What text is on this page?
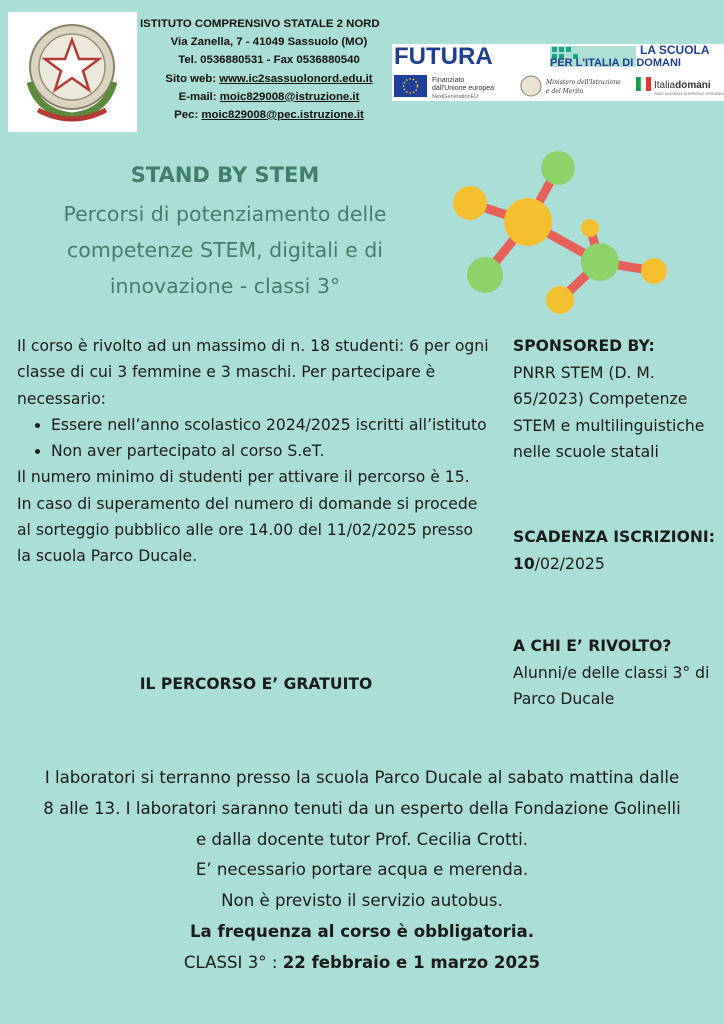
ISTITUTO COMPRENSIVO STATALE 2 NORD
Via Zanella, 7 - 41049 Sassuolo (MO)
Tel. 0536880531 - Fax 0536880540
Sito web: www.ic2sassuolonord.edu.it
E-mail: moic829008@istruzione.it
Pec: moic829008@pec.istruzione.it
FUTURA	LA SCUOLA
PER L'ITALIA DI DOMANI
Finanziato
dall'Unione europea
NextGenerationEU
Ministero dell'Istruzione
e del Merito
Italiadomani
PIANO NAZIONALE DI RIPRESA E RESILIENZA
STAND BY STEM
Percorsi di potenziamento delle competenze STEM, digitali e di innovazione - classi 3°

Il corso è rivolto ad un massimo di n. 18 studenti: 6 per ogni classe di cui 3 femmine e 3 maschi. Per partecipare è necessario:

• Essere nell’anno scolastico 2024/2025 iscritti all’istituto
• Non aver partecipato al corso S.eT.

Il numero minimo di studenti per attivare il percorso è 15.

In caso di superamento del numero di domande si procede al sorteggio pubblico alle ore 14.00 del 11/02/2025 presso la scuola Parco Ducale.

IL PERCORSO E’ GRATUITO
SPONSORED BY:
PNRR STEM (D. M. 65/2023) Competenze STEM e multilinguistiche nelle scuole statali
SCADENZA ISCRIZIONI:
10/02/2025
A CHI E’ RIVOLTO?
Alunni/e delle classi 3° di Parco Ducale
I laboratori si terranno presso la scuola Parco Ducale al sabato mattina dalle
8 alle 13. I laboratori saranno tenuti da un esperto della Fondazione Golinelli
e dalla docente tutor Prof. Cecilia Crotti.
E’ necessario portare acqua e merenda.
Non è previsto il servizio autobus.
La frequenza al corso è obbligatoria.
CLASSI 3° : 22 febbraio e 1 marzo 2025
